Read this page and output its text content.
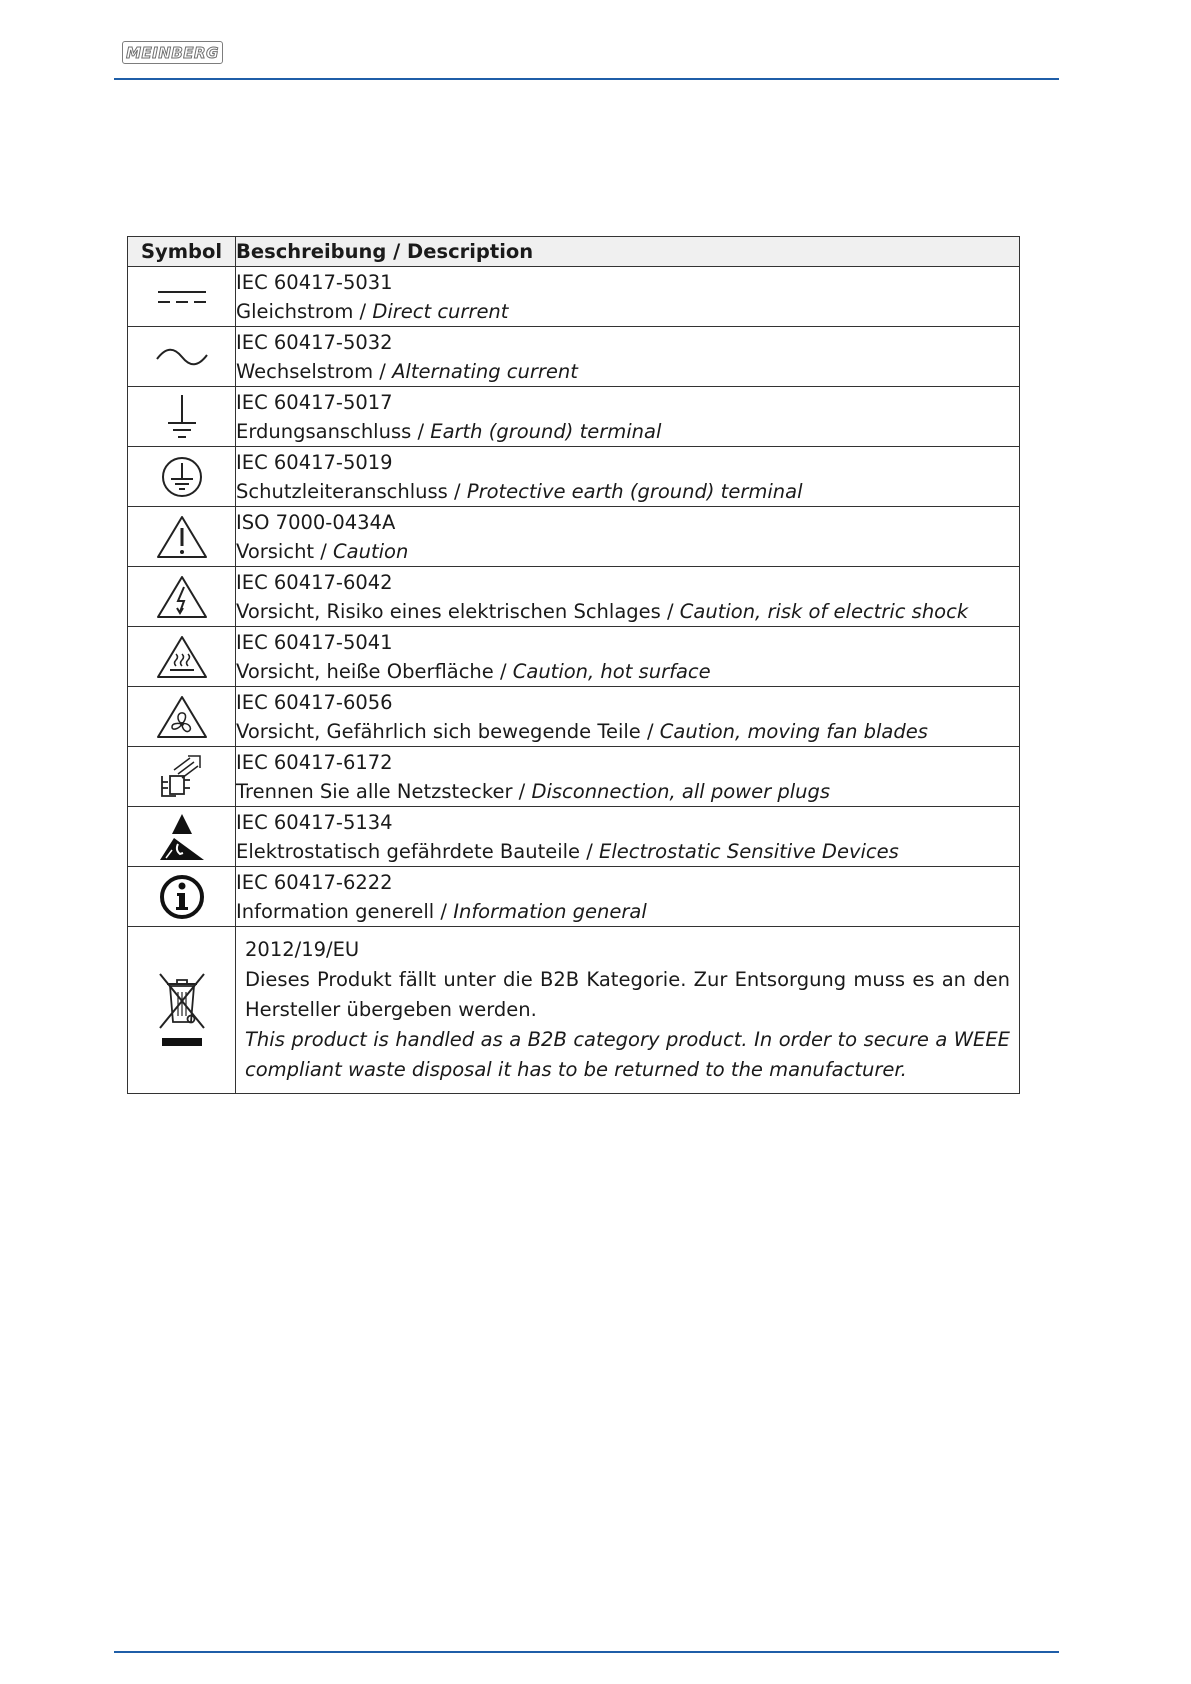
MEINBERG
Symbol	Beschreibung / Description

IEC 60417-5031
Gleichstrom / Direct current

IEC 60417-5032
Wechselstrom / Alternating current

IEC 60417-5017
Erdungsanschluss / Earth (ground) terminal

IEC 60417-5019
Schutzleiteranschluss / Protective earth (ground) terminal

ISO 7000-0434A
Vorsicht / Caution

IEC 60417-6042
Vorsicht, Risiko eines elektrischen Schlages / Caution, risk of electric shock

IEC 60417-5041
Vorsicht, heiße Oberfläche / Caution, hot surface

IEC 60417-6056
Vorsicht, Gefährlich sich bewegende Teile / Caution, moving fan blades

IEC 60417-6172
Trennen Sie alle Netzstecker / Disconnection, all power plugs

IEC 60417-5134
Elektrostatisch gefährdete Bauteile / Electrostatic Sensitive Devices

IEC 60417-6222
Information generell / Information general

2012/19/EU
Dieses Produkt fällt unter die B2B Kategorie. Zur Entsorgung muss es an den Hersteller übergeben werden.
This product is handled as a B2B category product. In order to secure a WEEE compliant waste disposal it has to be returned to the manufacturer.
